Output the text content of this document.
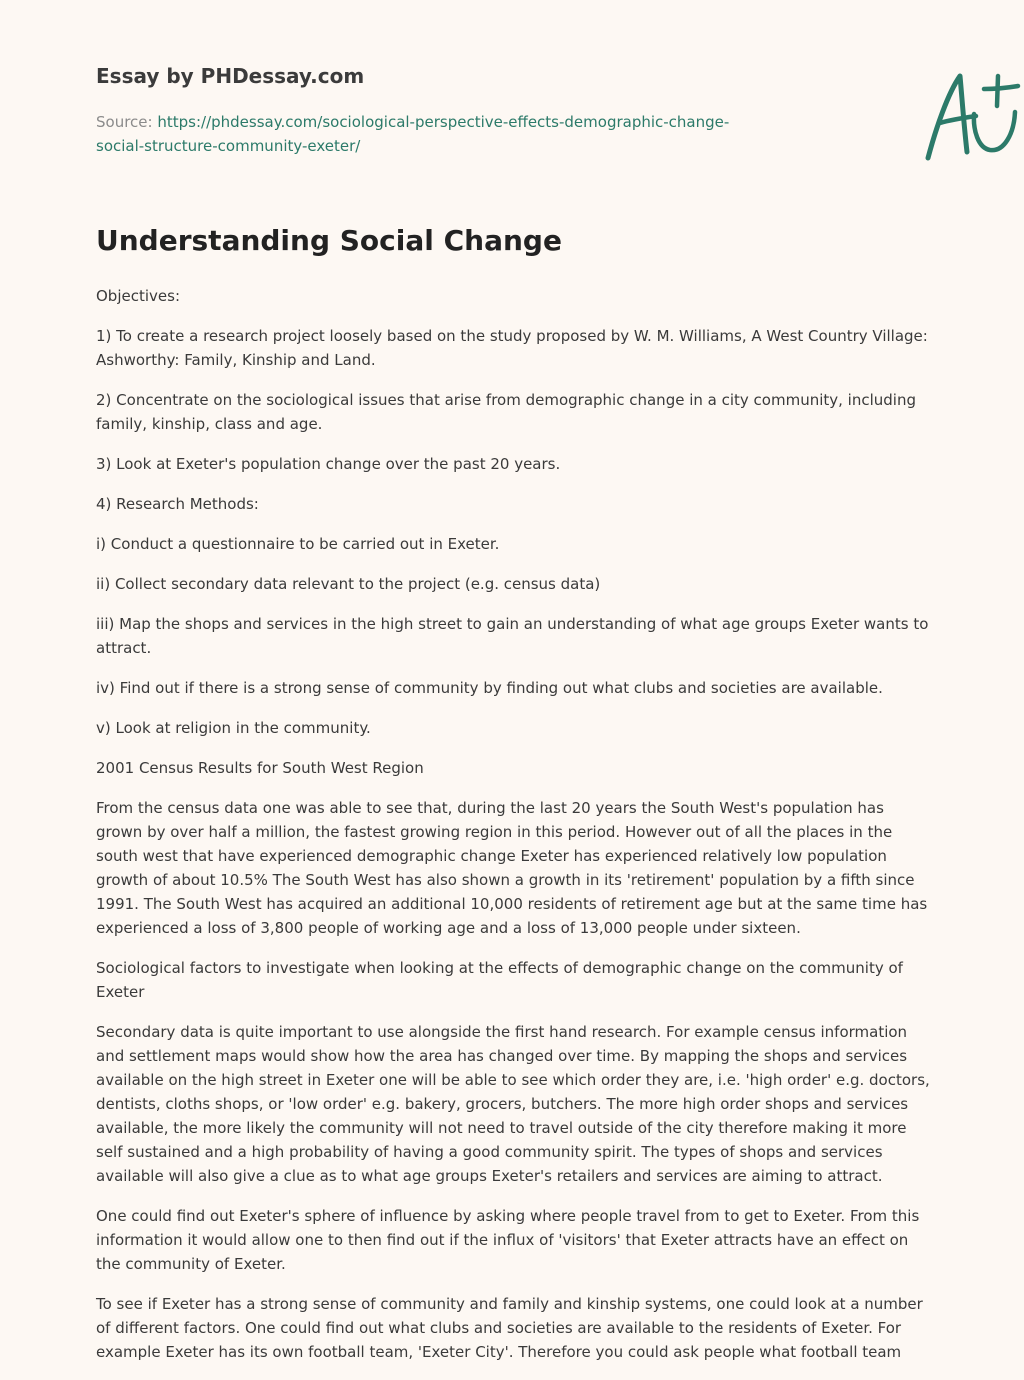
Essay by PHDessay.com
Source: https://phdessay.com/sociological-perspective-effects-demographic-change-social-structure-community-exeter/
Understanding Social Change

Objectives:

1) To create a research project loosely based on the study proposed by W. M. Williams, A West Country Village: Ashworthy: Family, Kinship and Land.

2) Concentrate on the sociological issues that arise from demographic change in a city community, including family, kinship, class and age.

3) Look at Exeter's population change over the past 20 years.

4) Research Methods:

i) Conduct a questionnaire to be carried out in Exeter.

ii) Collect secondary data relevant to the project (e.g. census data)

iii) Map the shops and services in the high street to gain an understanding of what age groups Exeter wants to attract.

iv) Find out if there is a strong sense of community by finding out what clubs and societies are available.

v) Look at religion in the community.

2001 Census Results for South West Region

From the census data one was able to see that, during the last 20 years the South West's population has grown by over half a million, the fastest growing region in this period. However out of all the places in the south west that have experienced demographic change Exeter has experienced relatively low population growth of about 10.5% The South West has also shown a growth in its 'retirement' population by a fifth since 1991. The South West has acquired an additional 10,000 residents of retirement age but at the same time has experienced a loss of 3,800 people of working age and a loss of 13,000 people under sixteen.

Sociological factors to investigate when looking at the effects of demographic change on the community of Exeter

Secondary data is quite important to use alongside the first hand research. For example census information and settlement maps would show how the area has changed over time. By mapping the shops and services available on the high street in Exeter one will be able to see which order they are, i.e. 'high order' e.g. doctors, dentists, cloths shops, or 'low order' e.g. bakery, grocers, butchers. The more high order shops and services available, the more likely the community will not need to travel outside of the city therefore making it more self sustained and a high probability of having a good community spirit. The types of shops and services available will also give a clue as to what age groups Exeter's retailers and services are aiming to attract.

One could find out Exeter's sphere of influence by asking where people travel from to get to Exeter. From this information it would allow one to then find out if the influx of 'visitors' that Exeter attracts have an effect on the community of Exeter.

To see if Exeter has a strong sense of community and family and kinship systems, one could look at a number of different factors. One could find out what clubs and societies are available to the residents of Exeter. For example Exeter has its own football team, 'Exeter City'. Therefore you could ask people what football team
